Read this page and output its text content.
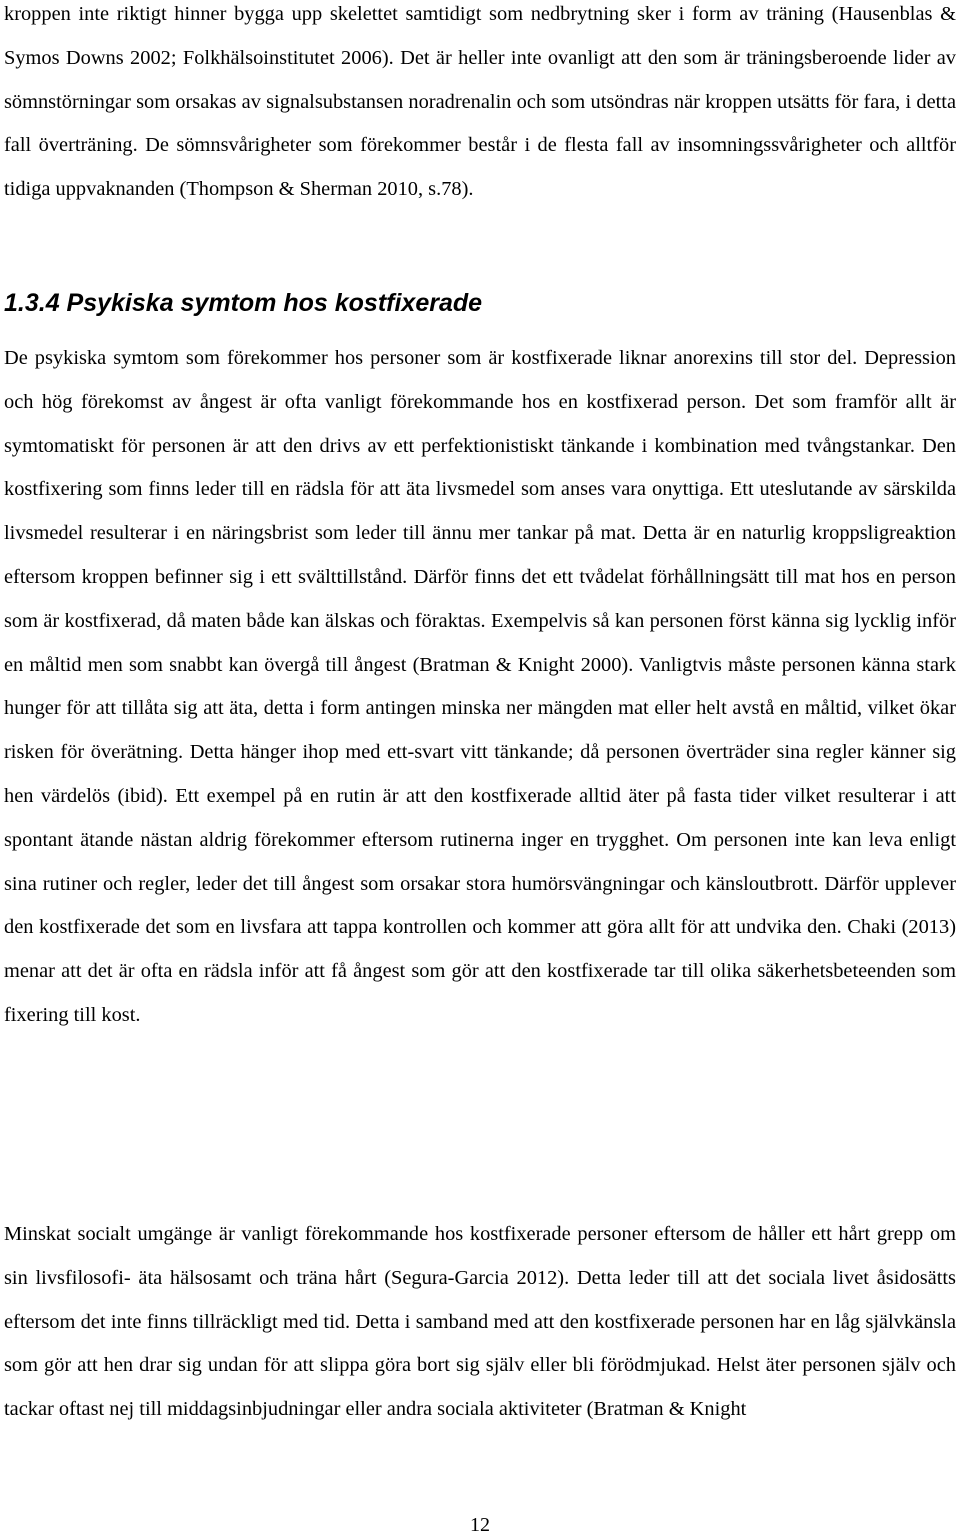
kroppen inte riktigt hinner bygga upp skelettet samtidigt som nedbrytning sker i form av träning (Hausenblas & Symos Downs 2002; Folkhälsoinstitutet 2006). Det är heller inte ovanligt att den som är träningsberoende lider av sömnstörningar som orsakas av signalsubstansen noradrenalin och som utsöndras när kroppen utsätts för fara, i detta fall överträning. De sömnsvårigheter som förekommer består i de flesta fall av insomningssvårigheter och alltför tidiga uppvaknanden (Thompson & Sherman 2010, s.78).

1.3.4 Psykiska symtom hos kostfixerade

De psykiska symtom som förekommer hos personer som är kostfixerade liknar anorexins till stor del. Depression och hög förekomst av ångest är ofta vanligt förekommande hos en kostfixerad person. Det som framför allt är symtomatiskt för personen är att den drivs av ett perfektionistiskt tänkande i kombination med tvångstankar. Den kostfixering som finns leder till en rädsla för att äta livsmedel som anses vara onyttiga. Ett uteslutande av särskilda livsmedel resulterar i en näringsbrist som leder till ännu mer tankar på mat. Detta är en naturlig kroppsligreaktion eftersom kroppen befinner sig i ett svälttillstånd. Därför finns det ett tvådelat förhållningsätt till mat hos en person som är kostfixerad, då maten både kan älskas och föraktas. Exempelvis så kan personen först känna sig lycklig inför en måltid men som snabbt kan övergå till ångest (Bratman & Knight 2000). Vanligtvis måste personen känna stark hunger för att tillåta sig att äta, detta i form antingen minska ner mängden mat eller helt avstå en måltid, vilket ökar risken för överätning. Detta hänger ihop med ett-svart vitt tänkande; då personen överträder sina regler känner sig hen värdelös (ibid). Ett exempel på en rutin är att den kostfixerade alltid äter på fasta tider vilket resulterar i att spontant ätande nästan aldrig förekommer eftersom rutinerna inger en trygghet. Om personen inte kan leva enligt sina rutiner och regler, leder det till ångest som orsakar stora humörsvängningar och känsloutbrott. Därför upplever den kostfixerade det som en livsfara att tappa kontrollen och kommer att göra allt för att undvika den. Chaki (2013) menar att det är ofta en rädsla inför att få ångest som gör att den kostfixerade tar till olika säkerhetsbeteenden som fixering till kost.

Minskat socialt umgänge är vanligt förekommande hos kostfixerade personer eftersom de håller ett hårt grepp om sin livsfilosofi- äta hälsosamt och träna hårt (Segura-Garcia 2012). Detta leder till att det sociala livet åsidosätts eftersom det inte finns tillräckligt med tid. Detta i samband med att den kostfixerade personen har en låg självkänsla som gör att hen drar sig undan för att slippa göra bort sig själv eller bli förödmjukad. Helst äter personen själv och tackar oftast nej till middagsinbjudningar eller andra sociala aktiviteter (Bratman & Knight

12
